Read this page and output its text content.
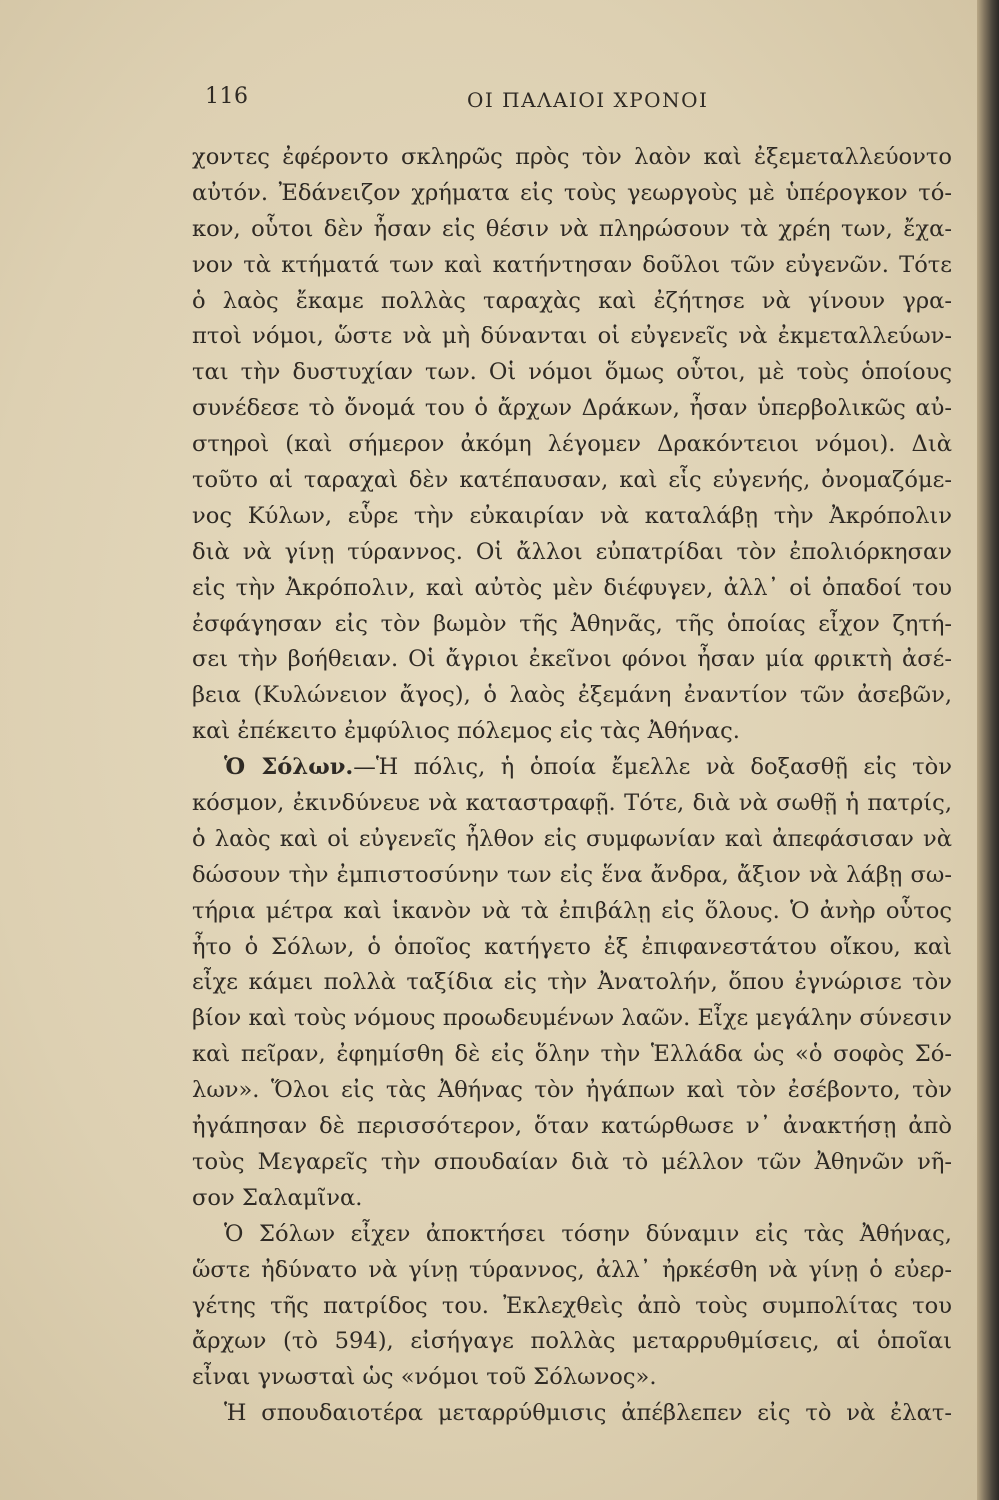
116	ΟΙ ΠΑΛΑΙΟΙ ΧΡΟΝΟΙ
χοντες ἐφέροντο σκληρῶς πρὸς τὸν λαὸν καὶ ἐξεμεταλλεύοντο
αὐτόν. Ἐδάνειζον χρήματα εἰς τοὺς γεωργοὺς μὲ ὑπέρογκον τό-
κον, οὗτοι δὲν ἦσαν εἰς θέσιν νὰ πληρώσουν τὰ χρέη των, ἔχα-
νον τὰ κτήματά των καὶ κατήντησαν δοῦλοι τῶν εὐγενῶν. Τότε
ὁ λαὸς ἔκαμε πολλὰς ταραχὰς καὶ ἐζήτησε νὰ γίνουν γρα-
πτοὶ νόμοι, ὥστε νὰ μὴ δύνανται οἱ εὐγενεῖς νὰ ἐκμεταλλεύων-
ται τὴν δυστυχίαν των. Οἱ νόμοι ὅμως οὗτοι, μὲ τοὺς ὁποίους
συνέδεσε τὸ ὄνομά του ὁ ἄρχων Δράκων, ἦσαν ὑπερβολικῶς αὐ-
στηροὶ (καὶ σήμερον ἀκόμη λέγομεν Δρακόντειοι νόμοι). Διὰ
τοῦτο αἱ ταραχαὶ δὲν κατέπαυσαν, καὶ εἷς εὐγενής, ὀνομαζόμε-
νος Κύλων, εὗρε τὴν εὐκαιρίαν νὰ καταλάβῃ τὴν Ἀκρόπολιν
διὰ νὰ γίνῃ τύραννος. Οἱ ἄλλοι εὐπατρίδαι τὸν ἐπολιόρκησαν
εἰς τὴν Ἀκρόπολιν, καὶ αὐτὸς μὲν διέφυγεν, ἀλλ᾽ οἱ ὀπαδοί του
ἐσφάγησαν εἰς τὸν βωμὸν τῆς Ἀθηνᾶς, τῆς ὁποίας εἶχον ζητή-
σει τὴν βοήθειαν. Οἱ ἄγριοι ἐκεῖνοι φόνοι ἦσαν μία φρικτὴ ἀσέ-
βεια (Κυλώνειον ἄγος), ὁ λαὸς ἐξεμάνη ἐναντίον τῶν ἀσεβῶν,
καὶ ἐπέκειτο ἐμφύλιος πόλεμος εἰς τὰς Ἀθήνας.
Ὁ Σόλων.—Ἡ πόλις, ἡ ὁποία ἔμελλε νὰ δοξασθῇ εἰς τὸν
κόσμον, ἐκινδύνευε νὰ καταστραφῇ. Τότε, διὰ νὰ σωθῇ ἡ πατρίς,
ὁ λαὸς καὶ οἱ εὐγενεῖς ἦλθον εἰς συμφωνίαν καὶ ἀπεφάσισαν νὰ
δώσουν τὴν ἐμπιστοσύνην των εἰς ἕνα ἄνδρα, ἄξιον νὰ λάβῃ σω-
τήρια μέτρα καὶ ἱκανὸν νὰ τὰ ἐπιβάλῃ εἰς ὅλους. Ὁ ἀνὴρ οὗτος
ἦτο ὁ Σόλων, ὁ ὁποῖος κατήγετο ἐξ ἐπιφανεστάτου οἴκου, καὶ
εἶχε κάμει πολλὰ ταξίδια εἰς τὴν Ἀνατολήν, ὅπου ἐγνώρισε τὸν
βίον καὶ τοὺς νόμους προωδευμένων λαῶν. Εἶχε μεγάλην σύνεσιν
καὶ πεῖραν, ἐφημίσθη δὲ εἰς ὅλην τὴν Ἑλλάδα ὡς «ὁ σοφὸς Σό-
λων». Ὅλοι εἰς τὰς Ἀθήνας τὸν ἠγάπων καὶ τὸν ἐσέβοντο, τὸν
ἠγάπησαν δὲ περισσότερον, ὅταν κατώρθωσε ν᾽ ἀνακτήσῃ ἀπὸ
τοὺς Μεγαρεῖς τὴν σπουδαίαν διὰ τὸ μέλλον τῶν Ἀθηνῶν νῆ-
σον Σαλαμῖνα.
Ὁ Σόλων εἶχεν ἀποκτήσει τόσην δύναμιν εἰς τὰς Ἀθήνας,
ὥστε ἠδύνατο νὰ γίνῃ τύραννος, ἀλλ᾽ ἠρκέσθη νὰ γίνῃ ὁ εὐερ-
γέτης τῆς πατρίδος του. Ἐκλεχθεὶς ἀπὸ τοὺς συμπολίτας του
ἄρχων (τὸ 594), εἰσήγαγε πολλὰς μεταρρυθμίσεις, αἱ ὁποῖαι
εἶναι γνωσταὶ ὡς «νόμοι τοῦ Σόλωνος».
Ἡ σπουδαιοτέρα μεταρρύθμισις ἀπέβλεπεν εἰς τὸ νὰ ἐλατ-
